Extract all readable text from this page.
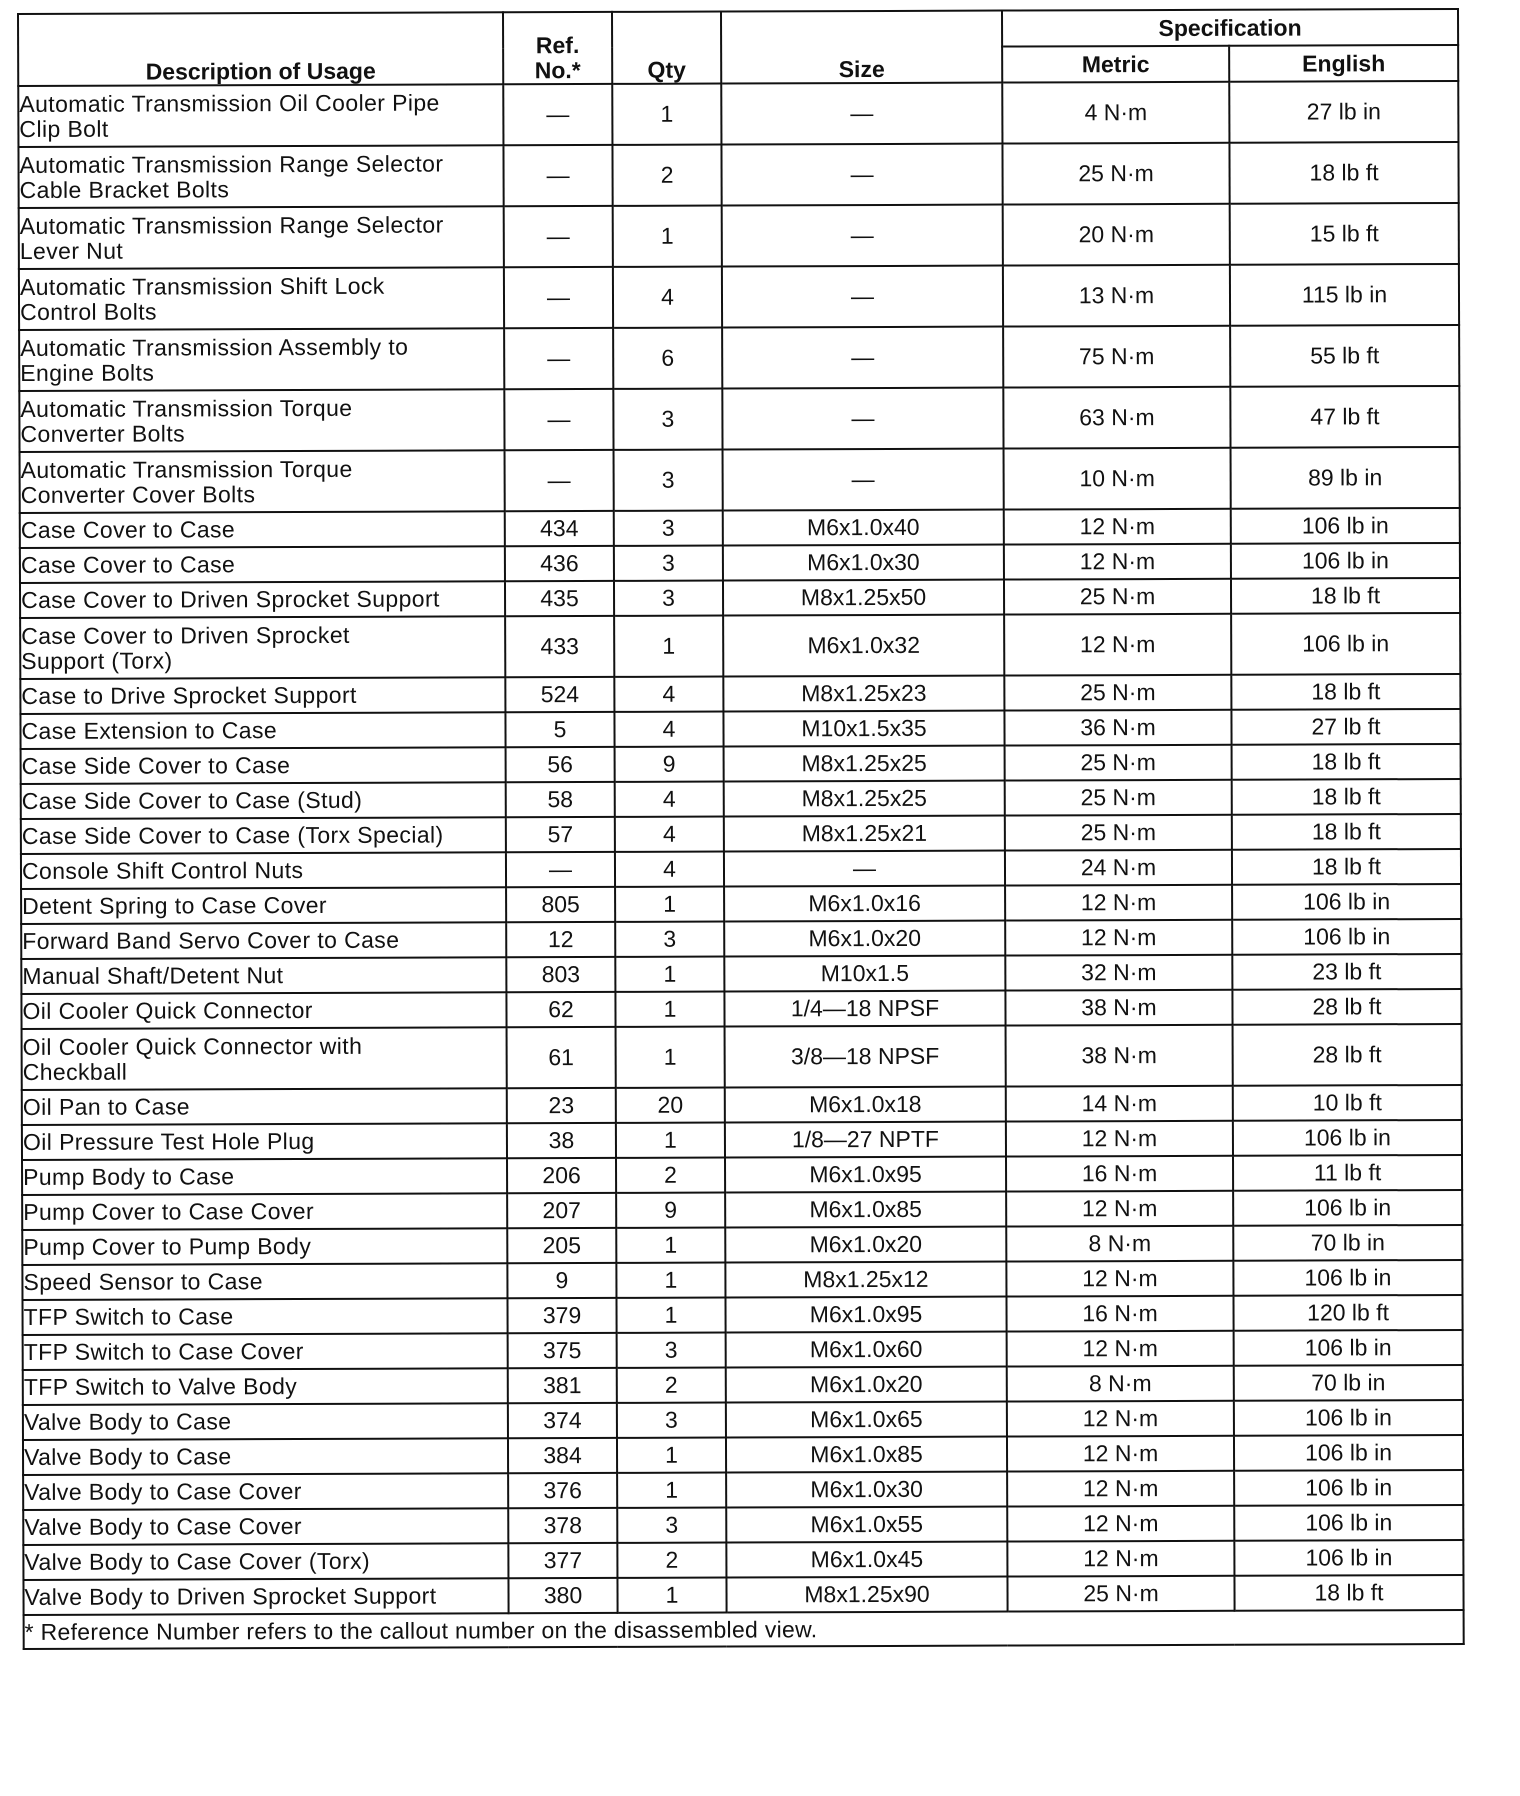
Description of Usage	Ref.
No.*	Qty	Size	Specification	
				Metric	English
Automatic Transmission Oil Cooler Pipe
Clip Bolt	—	1	—	4 N·m	27 lb in
Automatic Transmission Range Selector
Cable Bracket Bolts	—	2	—	25 N·m	18 lb ft
Automatic Transmission Range Selector
Lever Nut	—	1	—	20 N·m	15 lb ft
Automatic Transmission Shift Lock
Control Bolts	—	4	—	13 N·m	115 lb in
Automatic Transmission Assembly to
Engine Bolts	—	6	—	75 N·m	55 lb ft
Automatic Transmission Torque
Converter Bolts	—	3	—	63 N·m	47 lb ft
Automatic Transmission Torque
Converter Cover Bolts	—	3	—	10 N·m	89 lb in
Case Cover to Case	434	3	M6x1.0x40	12 N·m	106 lb in
Case Cover to Case	436	3	M6x1.0x30	12 N·m	106 lb in
Case Cover to Driven Sprocket Support	435	3	M8x1.25x50	25 N·m	18 lb ft
Case Cover to Driven Sprocket
Support (Torx)	433	1	M6x1.0x32	12 N·m	106 lb in
Case to Drive Sprocket Support	524	4	M8x1.25x23	25 N·m	18 lb ft
Case Extension to Case	5	4	M10x1.5x35	36 N·m	27 lb ft
Case Side Cover to Case	56	9	M8x1.25x25	25 N·m	18 lb ft
Case Side Cover to Case (Stud)	58	4	M8x1.25x25	25 N·m	18 lb ft
Case Side Cover to Case (Torx Special)	57	4	M8x1.25x21	25 N·m	18 lb ft
Console Shift Control Nuts	—	4	—	24 N·m	18 lb ft
Detent Spring to Case Cover	805	1	M6x1.0x16	12 N·m	106 lb in
Forward Band Servo Cover to Case	12	3	M6x1.0x20	12 N·m	106 lb in
Manual Shaft/Detent Nut	803	1	M10x1.5	32 N·m	23 lb ft
Oil Cooler Quick Connector	62	1	1/4—18 NPSF	38 N·m	28 lb ft
Oil Cooler Quick Connector with
Checkball	61	1	3/8—18 NPSF	38 N·m	28 lb ft
Oil Pan to Case	23	20	M6x1.0x18	14 N·m	10 lb ft
Oil Pressure Test Hole Plug	38	1	1/8—27 NPTF	12 N·m	106 lb in
Pump Body to Case	206	2	M6x1.0x95	16 N·m	11 lb ft
Pump Cover to Case Cover	207	9	M6x1.0x85	12 N·m	106 lb in
Pump Cover to Pump Body	205	1	M6x1.0x20	8 N·m	70 lb in
Speed Sensor to Case	9	1	M8x1.25x12	12 N·m	106 lb in
TFP Switch to Case	379	1	M6x1.0x95	16 N·m	120 lb ft
TFP Switch to Case Cover	375	3	M6x1.0x60	12 N·m	106 lb in
TFP Switch to Valve Body	381	2	M6x1.0x20	8 N·m	70 lb in
Valve Body to Case	374	3	M6x1.0x65	12 N·m	106 lb in
Valve Body to Case	384	1	M6x1.0x85	12 N·m	106 lb in
Valve Body to Case Cover	376	1	M6x1.0x30	12 N·m	106 lb in
Valve Body to Case Cover	378	3	M6x1.0x55	12 N·m	106 lb in
Valve Body to Case Cover (Torx)	377	2	M6x1.0x45	12 N·m	106 lb in
Valve Body to Driven Sprocket Support	380	1	M8x1.25x90	25 N·m	18 lb ft
* Reference Number refers to the callout number on the disassembled view.					
